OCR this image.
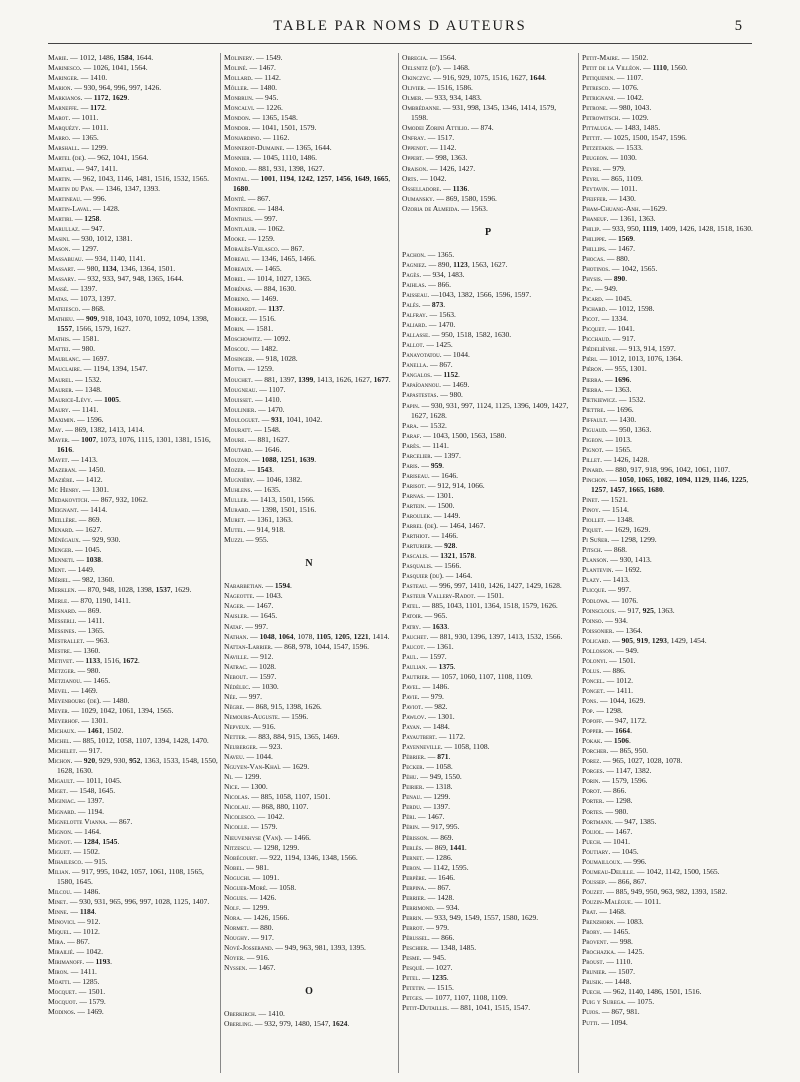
TABLE PAR NOMS D AUTEURS	5
Marie. — 1012, 1486, 1584, 1644.
Marinesco. — 1026, 1041, 1564.
Maringer. — 1410.
Marion. — 930, 964, 996, 997, 1426.
Markianos. — 1172, 1629.
Marneffe. — 1172.
Marot. — 1011.
Marquézy. — 1011.
Marro. — 1365.
Marshall. — 1299.
Martel (de). — 962, 1041, 1564.
Martial. — 947, 1411.
Martin. — 962, 1043, 1146, 1481, 1516, 1532, 1565.
Martin du Pan. — 1346, 1347, 1393.
Martineau. — 996.
Martin-Laval. — 1428.
Martiri. — 1258.
Marullaz. — 947.
Masini. — 930, 1012, 1381.
Mason. — 1297.
Massabuau. — 934, 1140, 1141.
Massart. — 980, 1134, 1346, 1364, 1501.
Massary. — 932, 933, 947, 948, 1365, 1644.
Massé. — 1397.
Matas. — 1073, 1397.
Mateiesco. — 868.
Mathieu. — 909, 918, 1043, 1070, 1092, 1094, 1398, 1557, 1566, 1579, 1627.
Mathis. — 1581.
Mattei. — 980.
Maublanc. — 1697.
Mauclaire. — 1194, 1394, 1547.
Maurel. — 1532.
Maurer. — 1348.
Maurice-Lévy. — 1005.
Maury. — 1141.
Maximin. — 1596.
May. — 869, 1382, 1413, 1414.
Mayer. — 1007, 1073, 1076, 1115, 1301, 1381, 1516, 1616.
Mayet. — 1413.
Mazeran. — 1450.
Mazière. — 1412.
Mc Henry. — 1301.
Medakovitch. — 867, 932, 1062.
Meignant. — 1414.
Meillère. — 869.
Menard. — 1627.
Ménégaux. — 929, 930.
Menger. — 1045.
Menneti. — 1038.
Ment. — 1449.
Mériel. — 982, 1360.
Merklen. — 870, 948, 1028, 1398, 1537, 1629.
Merle. — 870, 1190, 1411.
Mesnard. — 869.
Messerli. — 1411.
Messines. — 1365.
Mestrallet. — 963.
Mestre. — 1360.
Metivet. — 1133, 1516, 1672.
Metzger. — 980.
Metzianou. — 1465.
Mevel. — 1469.
Meyenbourg (de). — 1480.
Meyer. — 1029, 1042, 1061, 1394, 1565.
Meyerhof. — 1301.
Michaux. — 1461, 1502.
Michel. — 885, 1012, 1058, 1107, 1394, 1428, 1470.
Michelet. — 917.
Michon. — 920, 929, 930, 952, 1363, 1533, 1548, 1550, 1628, 1630.
Migault. — 1011, 1045.
Miget. — 1548, 1645.
Miginiac. — 1397.
Mignard. — 1194.
Mignelotte Vianna. — 867.
Mignon. — 1464.
Mignot. — 1284, 1545.
Miguet. — 1502.
Mihailesco. — 915.
Milian. — 917, 995, 1042, 1057, 1061, 1108, 1565, 1580, 1645.
Milcou. — 1486.
Minet. — 930, 931, 965, 996, 997, 1028, 1125, 1407.
Minne. — 1184.
Minovici. — 912.
Miquel. — 1012.
Mira. — 867.
Mirailié. — 1042.
Mirimanoff. — 1193.
Miron. — 1411.
Moatti. — 1285.
Mocquet. — 1501.
Mocquot. — 1579.
Modinos. — 1469.
Molinery. — 1549.
Moliné. — 1467.
Mollard. — 1142.
Möller. — 1480.
Monbrun. — 945.
Moncalvi. — 1226.
Mondon. — 1365, 1548.
Mondor. — 1041, 1501, 1579.
Monjardino. — 1162.
Monnerot-Dumaine. — 1365, 1644.
Monnier. — 1045, 1110, 1486.
Monod. — 881, 931, 1398, 1627.
Montal. — 1001, 1194, 1242, 1257, 1456, 1649, 1665, 1680.
Monté. — 867.
Monterde. — 1484.
Monthus. — 997.
Montlaur. — 1062.
Mooke. — 1259.
Moralès-Velasco. — 867.
Moreau. — 1346, 1465, 1466.
Moreaux. — 1465.
Morel. — 1014, 1027, 1365.
Morénas. — 884, 1630.
Moreno. — 1469.
Morhardt. — 1137.
Morice. — 1516.
Morin. — 1581.
Moschowitz. — 1092.
Moscou. — 1482.
Mosinger. — 918, 1028.
Motta. — 1259.
Mouchet. — 881, 1397, 1399, 1413, 1626, 1627, 1677.
Mougneau. — 1107.
Mouisset. — 1410.
Moulinier. — 1470.
Mouloguet. — 931, 1041, 1042.
Mouratt. — 1548.
Moure. — 881, 1627.
Moutard. — 1646.
Mouzon. — 1088, 1251, 1639.
Mozer. — 1543.
Mugniéry. — 1046, 1382.
Muhlens. — 1635.
Muller. — 1413, 1501, 1566.
Murard. — 1398, 1501, 1516.
Muret. — 1361, 1363.
Mutel. — 914, 918.
Muzzi. — 955.
N
Nabarbetian. — 1594.
Nageotte. — 1043.
Nager. — 1467.
Naisler. — 1645.
Nataf. — 997.
Nathan. — 1048, 1064, 1078, 1105, 1205, 1221, 1414.
Nattan-Larrier. — 868, 978, 1044, 1547, 1596.
Naville. — 912.
Natrac. — 1028.
Nebout. — 1597.
Nédélec. — 1030.
Née. — 997.
Nègre. — 868, 915, 1398, 1626.
Nemours-Auguste. — 1596.
Nepveux. — 916.
Netter. — 883, 884, 915, 1365, 1469.
Neuberger. — 923.
Naveu. — 1044.
Nguyen-Van-Khaï. — 1629.
Ni. — 1299.
Nice. — 1300.
Nicolas. — 885, 1058, 1107, 1501.
Nicolau. — 868, 880, 1107.
Nicolesco. — 1042.
Nicolle. — 1579.
Nieuvenhyse (Van). — 1466.
Nitzescu. — 1298, 1299.
Nobécourt. — 922, 1194, 1346, 1348, 1566.
Nobel. — 981.
Noguchi. — 1091.
Noguer-Moré. — 1058.
Nogues. — 1426.
Nolf. — 1299.
Nora. — 1426, 1566.
Normet. — 880.
Noughy. — 917.
Nové-Josserand. — 949, 963, 981, 1393, 1395.
Noyer. — 916.
Nyssen. — 1467.
O
Oberkirch. — 1410.
Oberling. — 932, 979, 1480, 1547, 1624.
Obregia. — 1564.
Oelsnitz (d'). — 1468.
Okinczyc. — 916, 929, 1075, 1516, 1627, 1644.
Olivier. — 1516, 1586.
Olmer. — 933, 934, 1483.
Ombrédanne. — 931, 998, 1345, 1346, 1414, 1579, 1598.
Omodei Zorini Attilio. — 874.
Onfray. — 1517.
Oppenot. — 1142.
Oppert. — 998, 1363.
Oraison. — 1426, 1427.
Orts. — 1042.
Osselladore. — 1136.
Oumansky. — 869, 1580, 1596.
Ozoria de Almeida. — 1563.
P
Pachon. — 1365.
Pagniez. — 890, 1123, 1563, 1627.
Pagès. — 934, 1483.
Paihlas. — 866.
Paisseau. —1043, 1382, 1566, 1596, 1597.
Palès. — 873.
Palfray. — 1563.
Paliard. — 1470.
Pallasse. — 950, 1518, 1582, 1630.
Palloт. — 1425.
Panayotatou. — 1044.
Panella. — 867.
Pangalos. — 1152.
Papaïoannou. — 1469.
Papastestas. — 980.
Papin. — 930, 931, 997, 1124, 1125, 1396, 1409, 1427, 1627, 1628.
Para. — 1532.
Paraf. — 1043, 1500, 1563, 1580.
Parès. — 1141.
Parcelier. — 1397.
Paris. — 959.
Pariseau. — 1646.
Parisot. — 912, 914, 1066.
Parnas. — 1301.
Partein. — 1500.
Paroulek. — 1449.
Parrel (de). — 1464, 1467.
Parthiot. — 1466.
Parturier. — 928.
Pascalis. — 1321, 1578.
Pasqualis. — 1566.
Pasquier (du). — 1464.
Pasteau. — 996, 997, 1410, 1426, 1427, 1429, 1628.
Pasteur Vallery-Radot. — 1501.
Patel. — 885, 1043, 1101, 1364, 1518, 1579, 1626.
Patoir. — 965.
Patry. — 1633.
Pauchet. — 881, 930, 1396, 1397, 1413, 1532, 1566.
Paucot. — 1361.
Paul. — 1597.
Paulian. — 1375.
Pautrier. — 1057, 1060, 1107, 1108, 1109.
Pavel. — 1486.
Pavie. — 979.
Paviot. — 982.
Pawlov. — 1301.
Payan. — 1484.
Payautbert. — 1172.
Payenneville. — 1058, 1108.
Pébrier. — 871.
Pecker. — 1058.
Péhu. — 949, 1550.
Peirier. — 1318.
Penau. — 1299.
Perdu. — 1397.
Péri. — 1467.
Périn. — 917, 995.
Périsson. — 869.
Perlès. — 869, 1441.
Pernet. — 1286.
Peron. — 1142, 1595.
Perpère. — 1646.
Perpina. — 867.
Perrier. — 1428.
Perrimond. — 934.
Perrin. — 933, 949, 1549, 1557, 1580, 1629.
Perrot. — 979.
Pérussel. — 866.
Peschier. — 1348, 1485.
Pesme. — 945.
Pesqué. — 1027.
Petel. — 1235.
Petetin. — 1515.
Petges. — 1077, 1107, 1108, 1109.
Petit-Dutaillis. — 881, 1041, 1515, 1547.
Petit-Maire. — 1502.
Petit de la Villéon. — 1110, 1560.
Petiquenin. — 1107.
Petresco. — 1076.
Petrignani. — 1042.
Petrone. — 980, 1043.
Petrowitsch. — 1029.
Pittaluga. — 1483, 1485.
Pettit. — 1025, 1500, 1547, 1596.
Petzetakis. — 1533.
Peugeon. — 1030.
Peyre. — 979.
Peyri. — 865, 1109.
Peytavin. — 1011.
Pfeiffer. — 1430.
Pham-Chuang-Anh. —1629.
Phaneuf. — 1361, 1363.
Philip. — 933, 950, 1119, 1409, 1426, 1428, 1518, 1630.
Philippe. — 1569.
Phillips. — 1467.
Phocas. — 880.
Photinos. — 1042, 1565.
Physis. — 890.
Pic. — 949.
Picard. — 1045.
Pichard. — 1012, 1598.
Picot. — 1334.
Picquet. — 1041.
Picchaud. — 917.
Piédelièvre. — 913, 914, 1597.
Piéri. — 1012, 1013, 1076, 1364.
Piéron. — 955, 1301.
Pierra. — 1696.
Pierra. — 1363.
Pietkiewicz. — 1532.
Piettre. — 1696.
Piffault. — 1430.
Piguaud. — 950, 1363.
Pigeon. — 1013.
Pignot. — 1565.
Pillet. — 1426, 1428.
Pinard. — 880, 917, 918, 996, 1042, 1061, 1107.
Pinchon. — 1050, 1065, 1082, 1094, 1129, 1146, 1225, 1257, 1457, 1665, 1680.
Pinet. — 1521.
Pinoy. — 1514.
Piollet. — 1348.
Piquet. — 1629, 1629.
Pi Suñer. — 1298, 1299.
Pitsch. — 868.
Planson. — 930, 1413.
Plantevin. — 1692.
Plazy. — 1413.
Plicque. — 997.
Podlowa. — 1076.
Poinsclous. — 917, 925, 1363.
Poinso. — 934.
Poissonier. — 1364.
Policard. — 905, 919, 1293, 1429, 1454.
Pollosson. — 949.
Polonyi. — 1501.
Polus. — 886.
Poncel. — 1012.
Ponget. — 1411.
Pons. — 1044, 1629.
Pop. — 1298.
Popoff. — 947, 1172.
Popper. — 1664.
Pokak. — 1506.
Porcher. — 865, 950.
Porez. — 965, 1027, 1028, 1078.
Porges. — 1147, 1382.
Porin. — 1579, 1596.
Porot. — 866.
Porter. — 1298.
Portes. — 980.
Portmann. — 947, 1385.
Poujol. — 1467.
Puech. — 1041.
Poutiary. — 1045.
Poumailloux. — 996.
Poumeau-Delille. — 1042, 1142, 1500, 1565.
Poussep. — 866, 867.
Pouzet. — 885, 949, 950, 963, 982, 1393, 1582.
Pouzin-Malègue. — 1011.
Prat. — 1468.
Prenzhorn. — 1083.
Prory. — 1465.
Provent. — 998.
Prochazka. — 1425.
Proust. — 1110.
Prunier. — 1507.
Prusik. — 1448.
Puech. — 962, 1140, 1486, 1501, 1516.
Puig y Surega. — 1075.
Pujos. — 867, 981.
Putti. — 1094.
